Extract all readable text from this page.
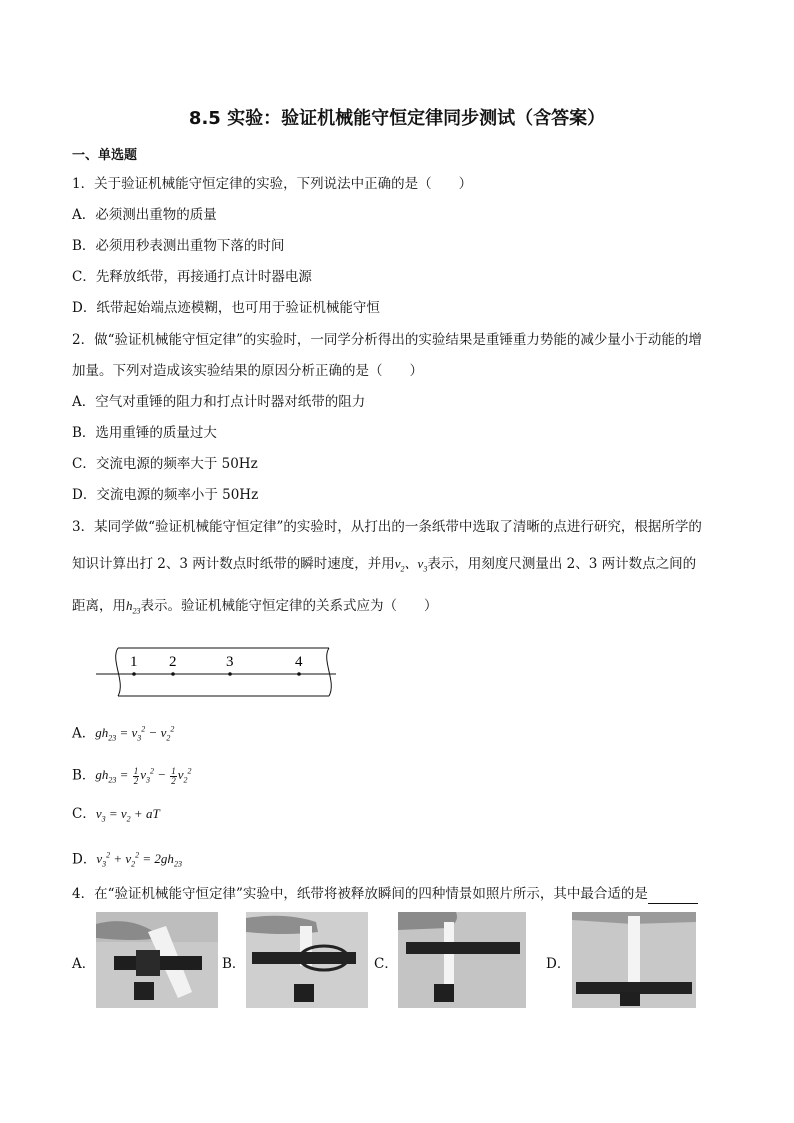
8.5 实验：验证机械能守恒定律同步测试（含答案）
一、单选题
1．关于验证机械能守恒定律的实验，下列说法中正确的是（　　）
A．必须测出重物的质量
B．必须用秒表测出重物下落的时间
C．先释放纸带，再接通打点计时器电源
D．纸带起始端点迹模糊，也可用于验证机械能守恒
2．做“验证机械能守恒定律”的实验时，一同学分析得出的实验结果是重锤重力势能的减少量小于动能的增
加量。下列对造成该实验结果的原因分析正确的是（　　）
A．空气对重锤的阻力和打点计时器对纸带的阻力
B．选用重锤的质量过大
C．交流电源的频率大于 50Hz
D．交流电源的频率小于 50Hz
3．某同学做“验证机械能守恒定律”的实验时，从打出的一条纸带中选取了清晰的点进行研究，根据所学的
知识计算出打 2、3 两计数点时纸带的瞬时速度，并用$v_2$、$v_3$表示，用刻度尺测量出 2、3 两计数点之间的
距离，用$h_{23}$表示。验证机械能守恒定律的关系式应为（　　）
1 2	3	4
A．$gh_{23} = v_3^2 - v_2^2$
B．$gh_{23} = \frac{1}{2} v_3^2 - \frac{1}{2} v_2^2$
C．$v_3 = v_2$ + aT
D．$v_3^2 + v_2^2 = 2gh_{23}$
4．在“验证机械能守恒定律”实验中，纸带将被释放瞬间的四种情景如照片所示，其中最合适的是
A．	B．	C．	D．
